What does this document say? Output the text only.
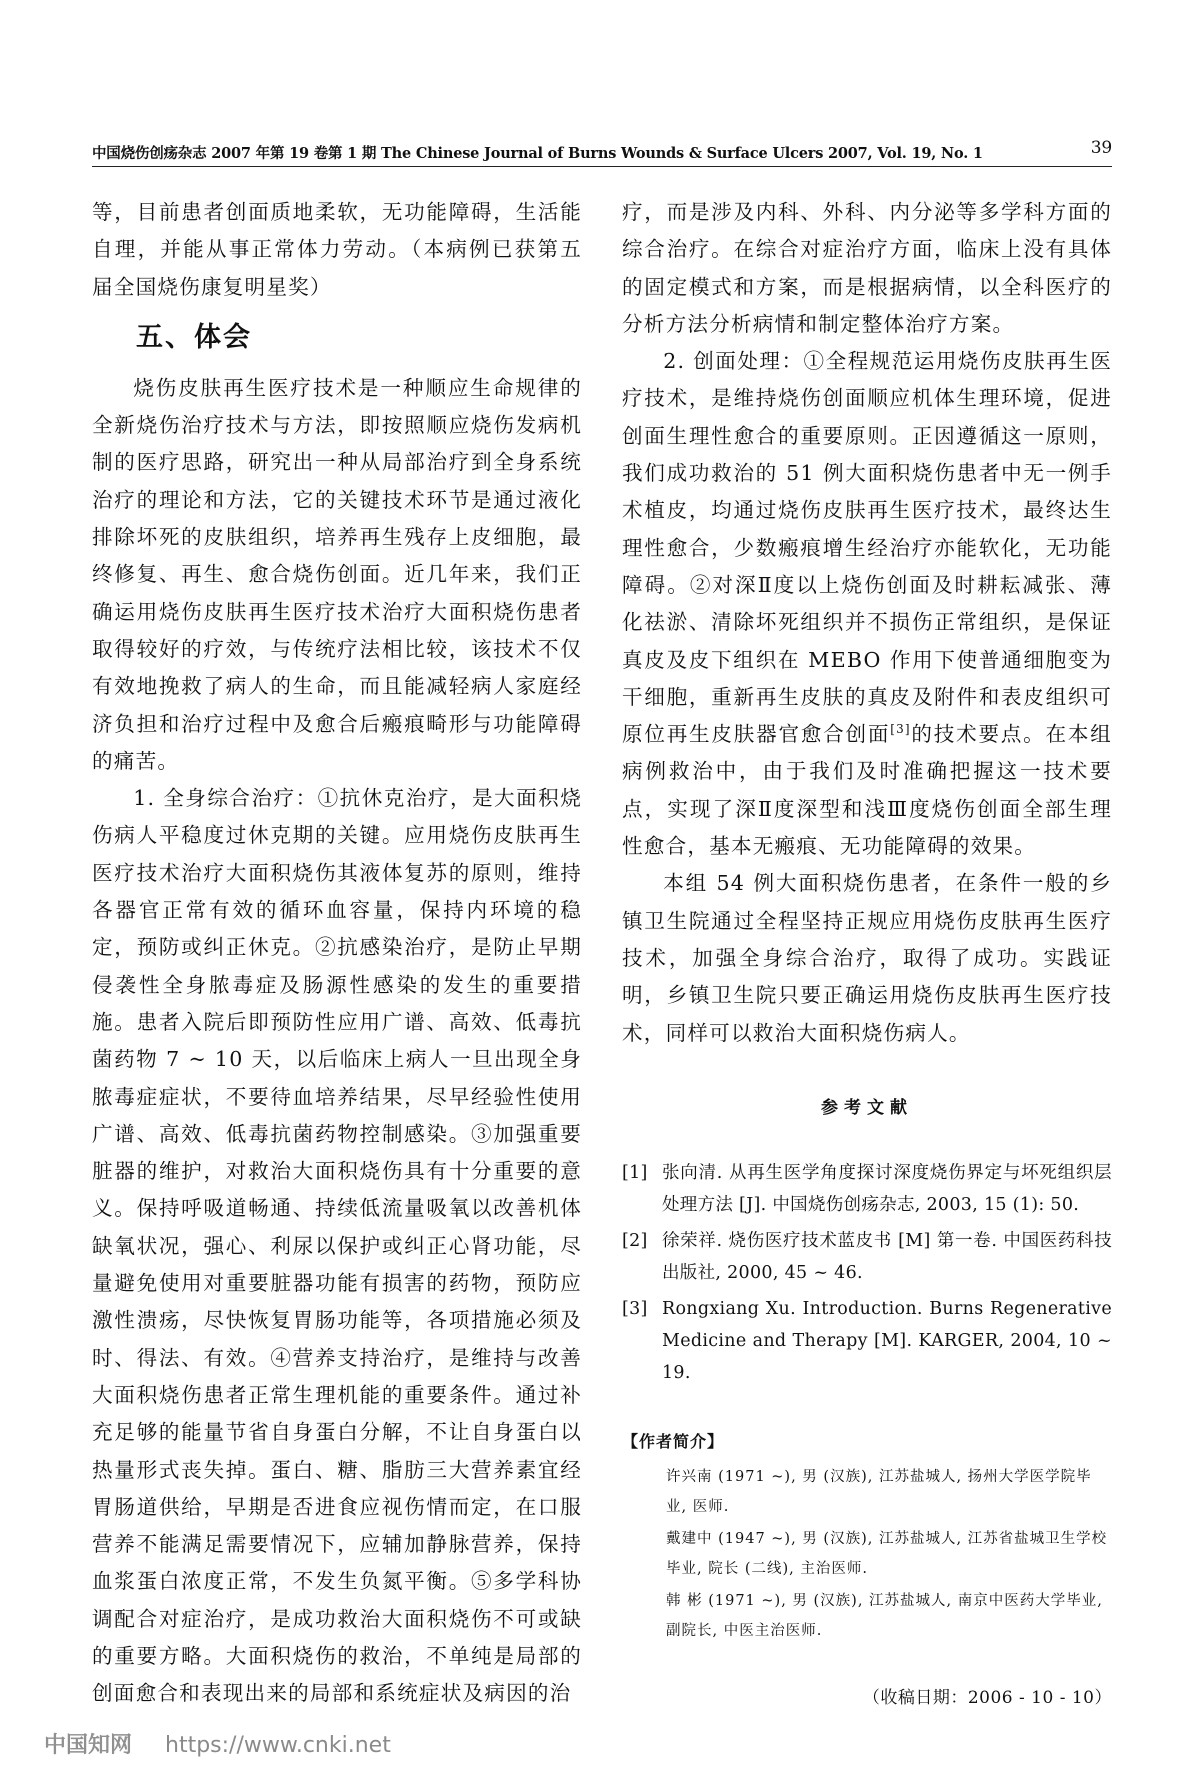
中国烧伤创疡杂志 2007 年第 19 卷第 1 期 The Chinese Journal of Burns Wounds & Surface Ulcers 2007, Vol. 19, No. 1	39

等，目前患者创面质地柔软，无功能障碍，生活能自理，并能从事正常体力劳动。（本病例已获第五届全国烧伤康复明星奖）

五、体会

烧伤皮肤再生医疗技术是一种顺应生命规律的全新烧伤治疗技术与方法，即按照顺应烧伤发病机制的医疗思路，研究出一种从局部治疗到全身系统治疗的理论和方法，它的关键技术环节是通过液化排除坏死的皮肤组织，培养再生残存上皮细胞，最终修复、再生、愈合烧伤创面。近几年来，我们正确运用烧伤皮肤再生医疗技术治疗大面积烧伤患者取得较好的疗效，与传统疗法相比较，该技术不仅有效地挽救了病人的生命，而且能减轻病人家庭经济负担和治疗过程中及愈合后瘢痕畸形与功能障碍的痛苦。

1. 全身综合治疗：①抗休克治疗，是大面积烧伤病人平稳度过休克期的关键。应用烧伤皮肤再生医疗技术治疗大面积烧伤其液体复苏的原则，维持各器官正常有效的循环血容量，保持内环境的稳定，预防或纠正休克。②抗感染治疗，是防止早期侵袭性全身脓毒症及肠源性感染的发生的重要措施。患者入院后即预防性应用广谱、高效、低毒抗菌药物 7 ~ 10 天，以后临床上病人一旦出现全身脓毒症症状，不要待血培养结果，尽早经验性使用广谱、高效、低毒抗菌药物控制感染。③加强重要脏器的维护，对救治大面积烧伤具有十分重要的意义。保持呼吸道畅通、持续低流量吸氧以改善机体缺氧状况，强心、利尿以保护或纠正心肾功能，尽量避免使用对重要脏器功能有损害的药物，预防应激性溃疡，尽快恢复胃肠功能等，各项措施必须及时、得法、有效。④营养支持治疗，是维持与改善大面积烧伤患者正常生理机能的重要条件。通过补充足够的能量节省自身蛋白分解，不让自身蛋白以热量形式丧失掉。蛋白、糖、脂肪三大营养素宜经胃肠道供给，早期是否进食应视伤情而定，在口服营养不能满足需要情况下，应辅加静脉营养，保持血浆蛋白浓度正常，不发生负氮平衡。⑤多学科协调配合对症治疗，是成功救治大面积烧伤不可或缺的重要方略。大面积烧伤的救治，不单纯是局部的创面愈合和表现出来的局部和系统症状及病因的治

疗，而是涉及内科、外科、内分泌等多学科方面的综合治疗。在综合对症治疗方面，临床上没有具体的固定模式和方案，而是根据病情，以全科医疗的分析方法分析病情和制定整体治疗方案。

2. 创面处理：①全程规范运用烧伤皮肤再生医疗技术，是维持烧伤创面顺应机体生理环境，促进创面生理性愈合的重要原则。正因遵循这一原则，我们成功救治的 51 例大面积烧伤患者中无一例手术植皮，均通过烧伤皮肤再生医疗技术，最终达生理性愈合，少数瘢痕增生经治疗亦能软化，无功能障碍。②对深Ⅱ度以上烧伤创面及时耕耘减张、薄化祛淤、清除坏死组织并不损伤正常组织，是保证真皮及皮下组织在 MEBO 作用下使普通细胞变为干细胞，重新再生皮肤的真皮及附件和表皮组织可原位再生皮肤器官愈合创面[3]的技术要点。在本组病例救治中，由于我们及时准确把握这一技术要点，实现了深Ⅱ度深型和浅Ⅲ度烧伤创面全部生理性愈合，基本无瘢痕、无功能障碍的效果。

本组 54 例大面积烧伤患者，在条件一般的乡镇卫生院通过全程坚持正规应用烧伤皮肤再生医疗技术，加强全身综合治疗，取得了成功。实践证明，乡镇卫生院只要正确运用烧伤皮肤再生医疗技术，同样可以救治大面积烧伤病人。

参考文献
[1] 张向清. 从再生医学角度探讨深度烧伤界定与坏死组织层处理方法 [J]. 中国烧伤创疡杂志, 2003, 15 (1): 50.
[2] 徐荣祥. 烧伤医疗技术蓝皮书 [M] 第一卷. 中国医药科技出版社, 2000, 45 ~ 46.
[3] Rongxiang Xu. Introduction. Burns Regenerative Medicine and Therapy [M]. KARGER, 2004, 10 ~ 19.
【作者简介】
许兴南 (1971 ~), 男 (汉族), 江苏盐城人, 扬州大学医学院毕业, 医师.
戴建中 (1947 ~), 男 (汉族), 江苏盐城人, 江苏省盐城卫生学校毕业, 院长 (二线), 主治医师.
韩 彬 (1971 ~), 男 (汉族), 江苏盐城人, 南京中医药大学毕业, 副院长, 中医主治医师.
（收稿日期：2006 - 10 - 10）
中国知网 https://www.cnki.net
